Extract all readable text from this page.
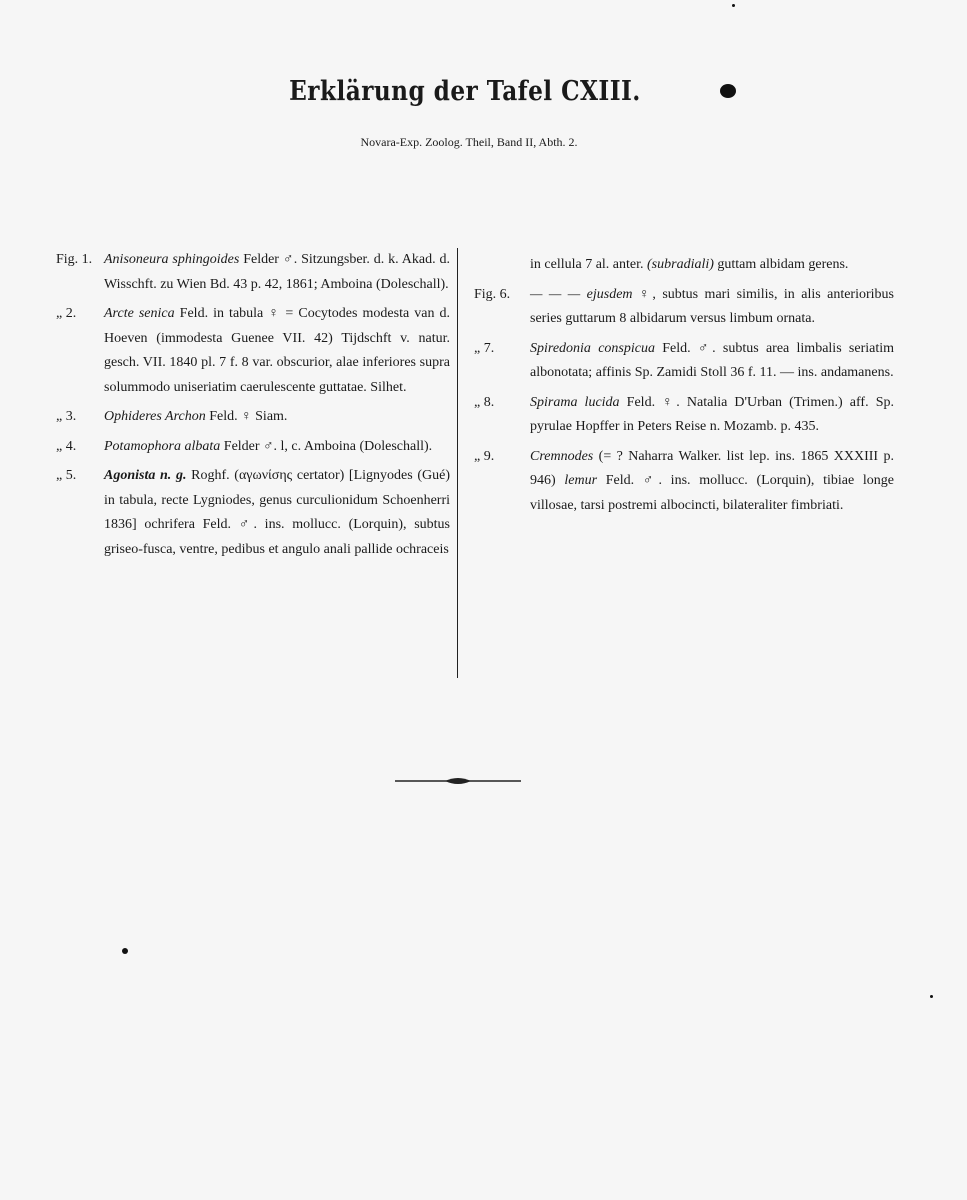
Erklärung der Tafel CXIII.
Novara-Exp. Zoolog. Theil, Band II, Abth. 2.
Fig. 1. Anisoneura sphingoides Felder ♂. Sitzungsber. d. k. Akad. d. Wisschft. zu Wien Bd. 43 p. 42, 1861; Amboina (Doleschall).
„ 2.	Arcte senica Feld. in tabula ♀ = Cocytodes modesta van d. Hoeven (immodesta Guenee VII. 42) Tijdschft v. natur. gesch. VII. 1840 pl. 7 f. 8 var. obscurior, alae inferiores supra solummodo uniseriatim caerulescente guttatae. Silhet.
„ 3.	Ophideres Archon Feld. ♀ Siam.
„ 4.	Potamophora albata Felder ♂. l, c. Amboina (Doleschall).
„ 5.	Agonista n. g. Roghf. (αγωνίσης certator) [Lignyodes (Gué) in tabula, recte Lygniodes, genus curculionidum Schoenherri 1836] ochrifera Feld. ♂. ins. mollucc. (Lorquin), subtus griseo-fusca, ventre, pedibus et angulo anali pallide ochraceis
in cellula 7 al. anter. (subradiali) guttam albidam gerens.
Fig. 6.	— — — ejusdem ♀, subtus mari similis, in alis anterioribus series guttarum 8 albidarum versus limbum ornata.
„ 7.	Spiredonia conspicua Feld. ♂. subtus area limbalis seriatim albonotata; affinis Sp. Zamidi Stoll 36 f. 11. — ins. andamanens.
„ 8.	Spirama lucida Feld. ♀. Natalia D'Urban (Trimen.) aff. Sp. pyrulae Hopffer in Peters Reise n. Mozamb. p. 435.
„ 9.	Cremnodes (= ? Naharra Walker. list lep. ins. 1865 XXXIII p. 946) lemur Feld. ♂. ins. mollucc. (Lorquin), tibiae longe villosae, tarsi postremi albocincti, bilateraliter fimbriati.
